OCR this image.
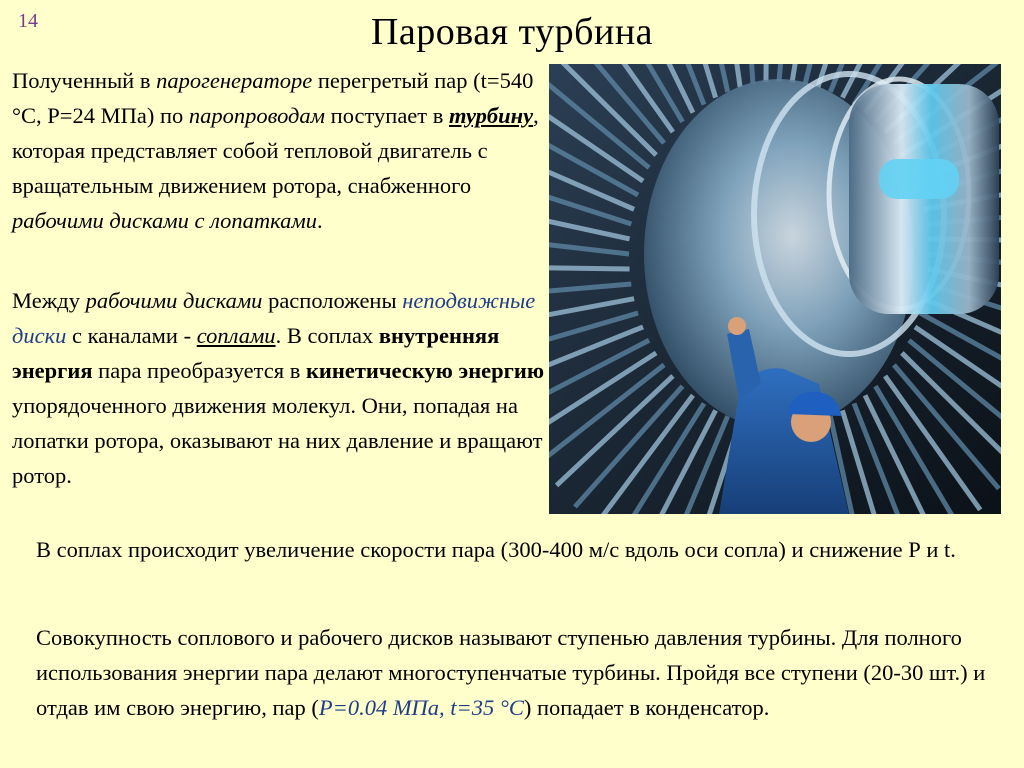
14	Паровая турбина
Полученный в парогенераторе перегретый пар (t=540 °С, P=24 МПа) по паропроводам поступает в турбину, которая представляет собой тепловой двигатель с вращательным движением ротора, снабженного рабочими дисками с лопатками.
Между рабочими дисками расположены неподвижные диски с каналами - соплами. В соплах внутренняя энергия пара преобразуется в кинетическую энергию упорядоченного движения молекул. Они, попадая на лопатки ротора, оказывают на них давление и вращают ротор.
В соплах происходит увеличение скорости пара (300-400 м/с вдоль оси сопла) и снижение Р и t.
Совокупность соплового и рабочего дисков называют ступенью давления турбины. Для полного использования энергии пара делают многоступенчатые турбины. Пройдя все ступени (20-30 шт.) и отдав им свою энергию, пар (P=0.04 МПа, t=35 °С) попадает в конденсатор.
